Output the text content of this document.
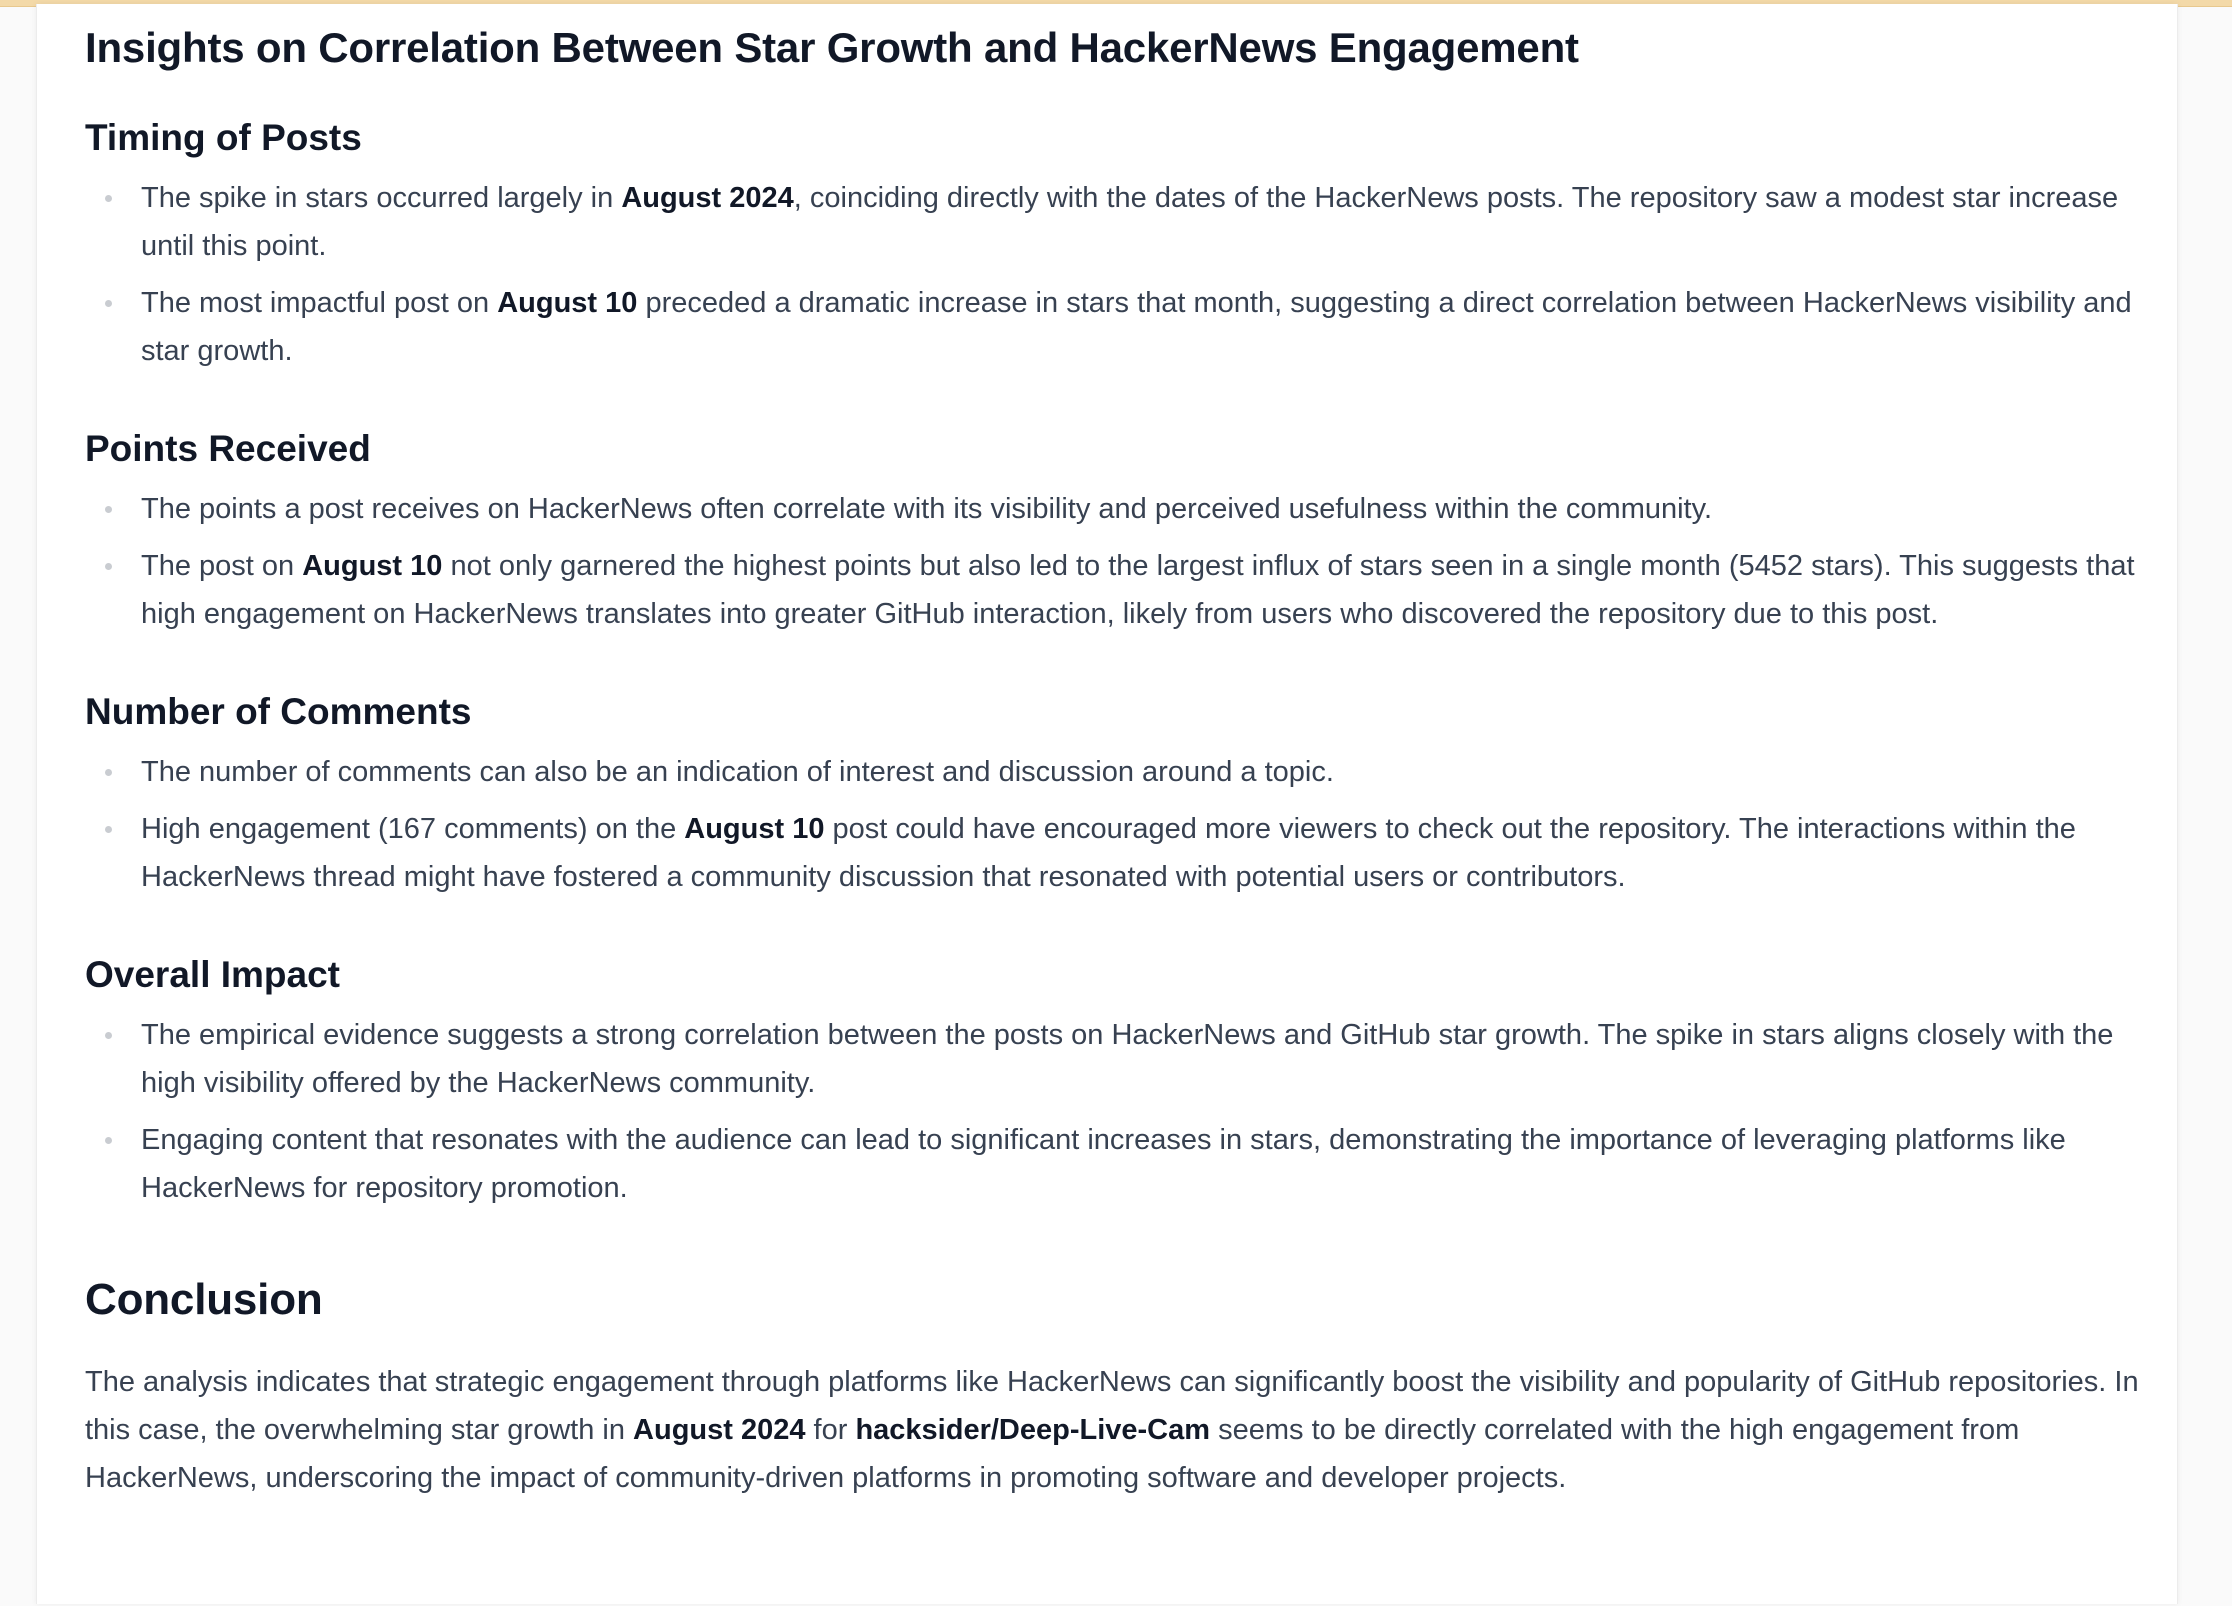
Insights on Correlation Between Star Growth and HackerNews Engagement
Timing of Posts
The spike in stars occurred largely in August 2024, coinciding directly with the dates of the HackerNews posts. The repository saw a modest star increase until this point.
The most impactful post on August 10 preceded a dramatic increase in stars that month, suggesting a direct correlation between HackerNews visibility and star growth.
Points Received
The points a post receives on HackerNews often correlate with its visibility and perceived usefulness within the community.
The post on August 10 not only garnered the highest points but also led to the largest influx of stars seen in a single month (5452 stars). This suggests that high engagement on HackerNews translates into greater GitHub interaction, likely from users who discovered the repository due to this post.
Number of Comments
The number of comments can also be an indication of interest and discussion around a topic.
High engagement (167 comments) on the August 10 post could have encouraged more viewers to check out the repository. The interactions within the HackerNews thread might have fostered a community discussion that resonated with potential users or contributors.
Overall Impact
The empirical evidence suggests a strong correlation between the posts on HackerNews and GitHub star growth. The spike in stars aligns closely with the high visibility offered by the HackerNews community.
Engaging content that resonates with the audience can lead to significant increases in stars, demonstrating the importance of leveraging platforms like HackerNews for repository promotion.
Conclusion

The analysis indicates that strategic engagement through platforms like HackerNews can significantly boost the visibility and popularity of GitHub repositories. In this case, the overwhelming star growth in August 2024 for hacksider/Deep-Live-Cam seems to be directly correlated with the high engagement from HackerNews, underscoring the impact of community-driven platforms in promoting software and developer projects.
